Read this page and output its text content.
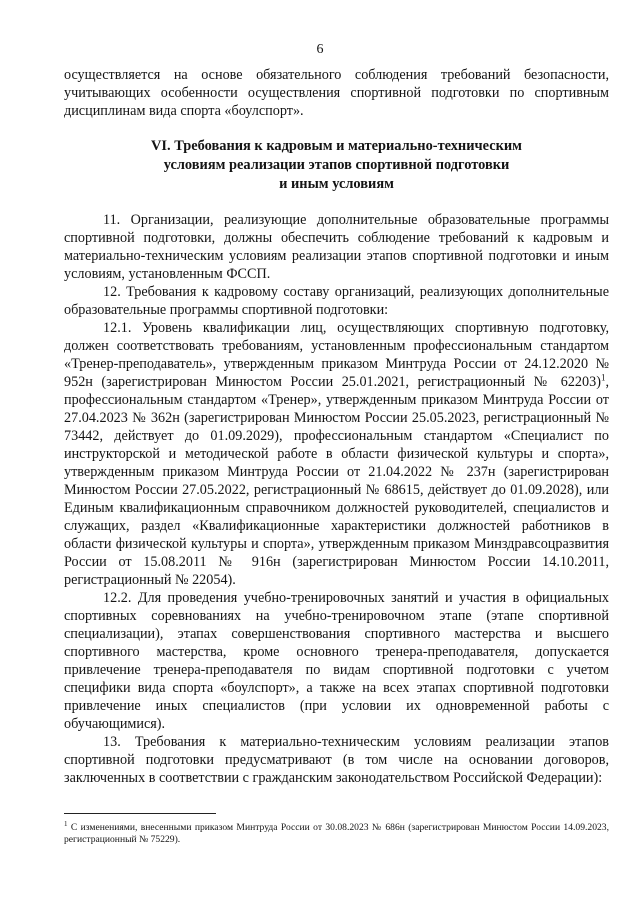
6

осуществляется на основе обязательного соблюдения требований безопасности, учитывающих особенности осуществления спортивной подготовки по спортивным дисциплинам вида спорта «боулспорт».

VI. Требования к кадровым и материально-техническим
условиям реализации этапов спортивной подготовки
и иным условиям

11. Организации, реализующие дополнительные образовательные программы спортивной подготовки, должны обеспечить соблюдение требований к кадровым и материально-техническим условиям реализации этапов спортивной подготовки и иным условиям, установленным ФССП.

12. Требования к кадровому составу организаций, реализующих дополнительные образовательные программы спортивной подготовки:

12.1. Уровень квалификации лиц, осуществляющих спортивную подготовку, должен соответствовать требованиям, установленным профессиональным стандартом «Тренер-преподаватель», утвержденным приказом Минтруда России от 24.12.2020 № 952н (зарегистрирован Минюстом России 25.01.2021, регистрационный № 62203)$^1$, профессиональным стандартом «Тренер», утвержденным приказом Минтруда России от 27.04.2023 № 362н (зарегистрирован Минюстом России 25.05.2023, регистрационный № 73442, действует до 01.09.2029), профессиональным стандартом «Специалист по инструкторской и методической работе в области физической культуры и спорта», утвержденным приказом Минтруда России от 21.04.2022 № 237н (зарегистрирован Минюстом России 27.05.2022, регистрационный № 68615, действует до 01.09.2028), или Единым квалификационным справочником должностей руководителей, специалистов и служащих, раздел «Квалификационные характеристики должностей работников в области физической культуры и спорта», утвержденным приказом Минздравсоцразвития России от 15.08.2011 № 916н (зарегистрирован Минюстом России 14.10.2011, регистрационный № 22054).

12.2. Для проведения учебно-тренировочных занятий и участия в официальных спортивных соревнованиях на учебно-тренировочном этапе (этапе спортивной специализации), этапах совершенствования спортивного мастерства и высшего спортивного мастерства, кроме основного тренера-преподавателя, допускается привлечение тренера-преподавателя по видам спортивной подготовки с учетом специфики вида спорта «боулспорт», а также на всех этапах спортивной подготовки привлечение иных специалистов (при условии их одновременной работы с обучающимися).

13. Требования к материально-техническим условиям реализации этапов спортивной подготовки предусматривают (в том числе на основании договоров, заключенных в соответствии с гражданским законодательством Российской Федерации):

$^1$ С изменениями, внесенными приказом Минтруда России от 30.08.2023 № 686н (зарегистрирован Минюстом России 14.09.2023, регистрационный № 75229).
